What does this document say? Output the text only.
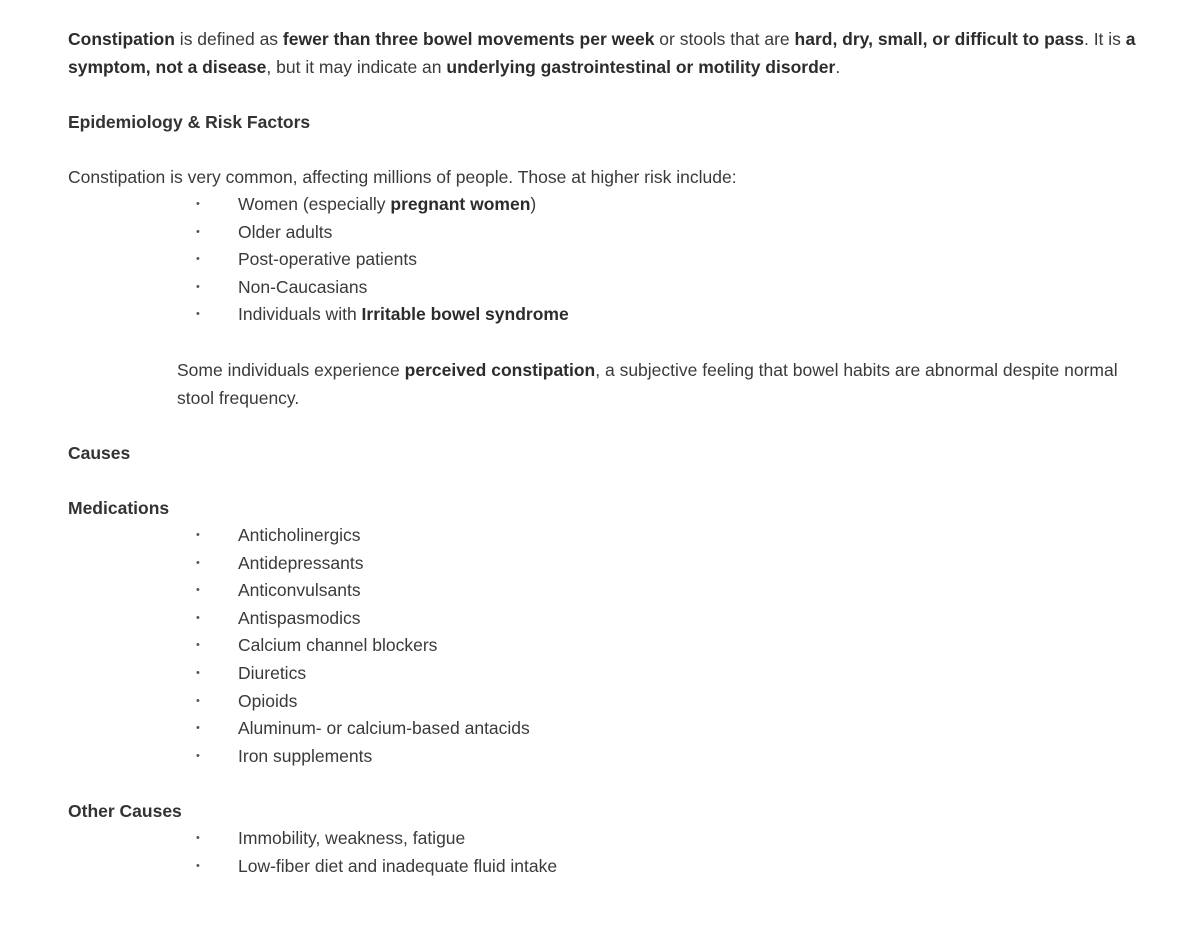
Constipation is defined as fewer than three bowel movements per week or stools that are hard, dry, small, or difficult to pass. It is a symptom, not a disease, but it may indicate an underlying gastrointestinal or motility disorder.

Epidemiology & Risk Factors

Constipation is very common, affecting millions of people. Those at higher risk include:

• Women (especially pregnant women)
• Older adults
• Post-operative patients
• Non-Caucasians
• Individuals with Irritable bowel syndrome

Some individuals experience perceived constipation, a subjective feeling that bowel habits are abnormal despite normal stool frequency.

Causes

Medications

• Anticholinergics
• Antidepressants
• Anticonvulsants
• Antispasmodics
• Calcium channel blockers
• Diuretics
• Opioids
• Aluminum- or calcium-based antacids
• Iron supplements

Other Causes

• Immobility, weakness, fatigue
• Low-fiber diet and inadequate fluid intake
